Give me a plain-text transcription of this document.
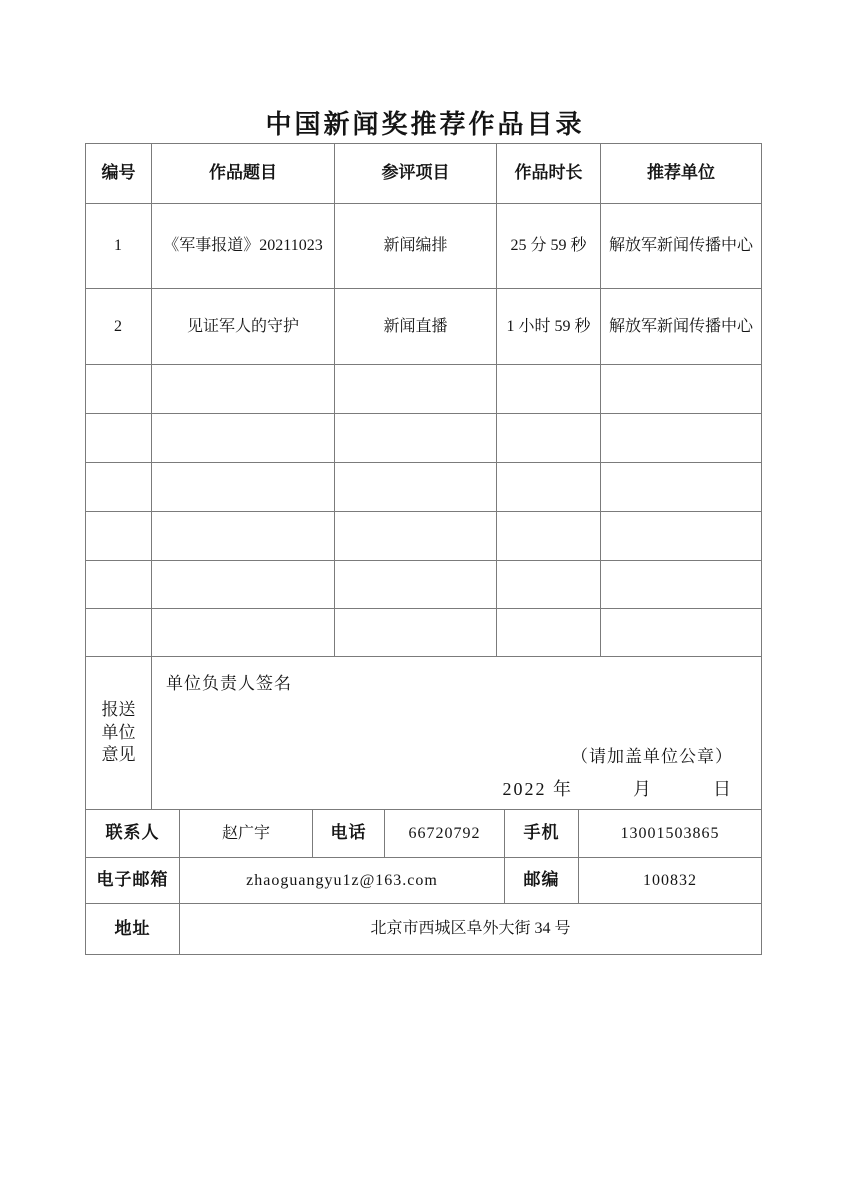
中国新闻奖推荐作品目录
编号	作品题目	参评项目	作品时长	推荐单位
1	《军事报道》20211023	新闻编排	25 分 59 秒	解放军新闻传播中心
2	见证军人的守护	新闻直播	1 小时 59 秒	解放军新闻传播中心
报送
单位
意见
单位负责人签名
（请加盖单位公章）
2022 年　　　月　　　日
联系人	赵广宇	电话	66720792	手机	13001503865
电子邮箱	zhaoguangyu1z@163.com	邮编	100832
地址	北京市西城区阜外大街 34 号
